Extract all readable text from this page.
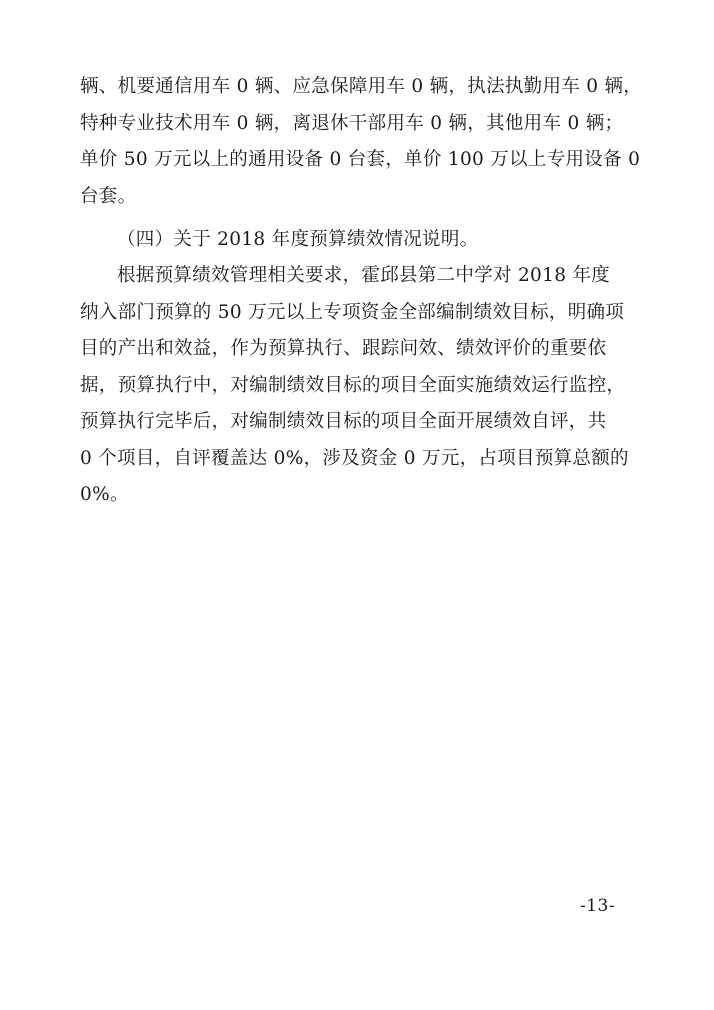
辆、机要通信用车 0 辆、应急保障用车 0 辆，执法执勤用车 0 辆，
特种专业技术用车 0 辆，离退休干部用车 0 辆，其他用车 0 辆；
单价 50 万元以上的通用设备 0 台套，单价 100 万以上专用设备 0
台套。
（四）关于 2018 年度预算绩效情况说明。
根据预算绩效管理相关要求，霍邱县第二中学对 2018 年度
纳入部门预算的 50 万元以上专项资金全部编制绩效目标，明确项
目的产出和效益，作为预算执行、跟踪问效、绩效评价的重要依
据，预算执行中，对编制绩效目标的项目全面实施绩效运行监控，
预算执行完毕后，对编制绩效目标的项目全面开展绩效自评，共
0 个项目，自评覆盖达 0%，涉及资金 0 万元，占项目预算总额的
0%。
-13-
